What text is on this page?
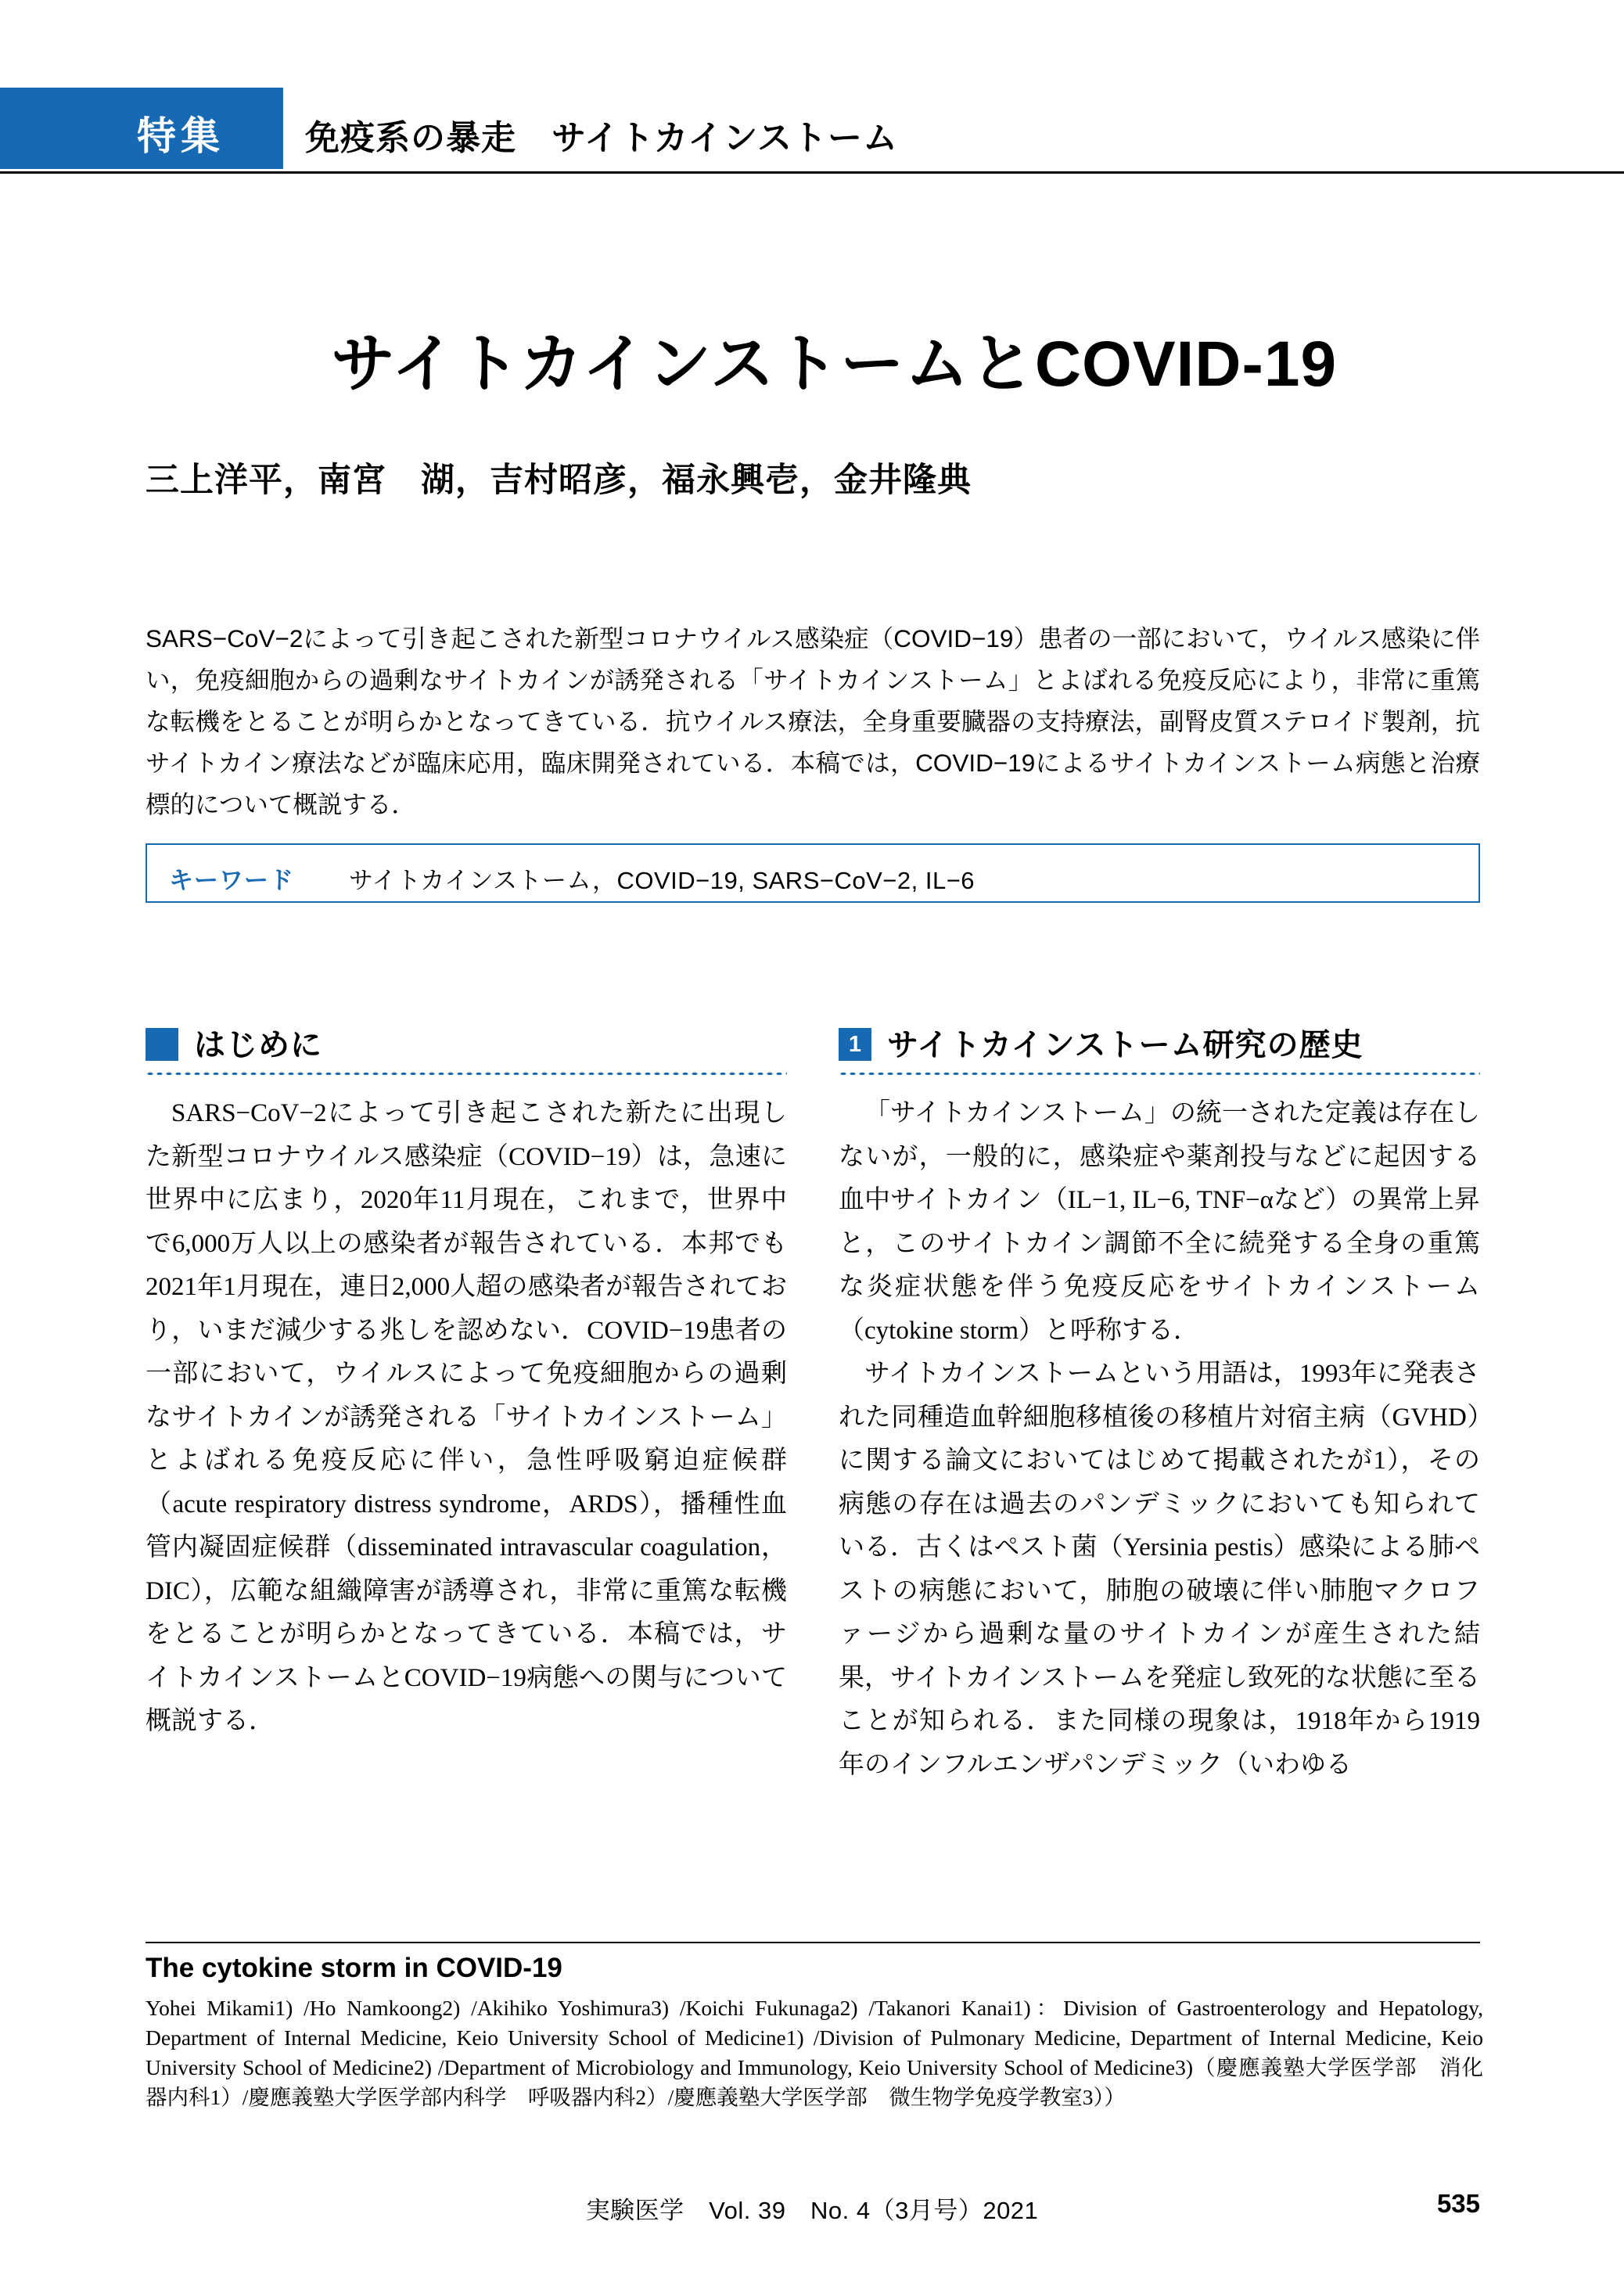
特集 免疫系の暴走　サイトカインストーム
サイトカインストームとCOVID-19
三上洋平，南宮　湖，吉村昭彦，福永興壱，金井隆典
SARS−CoV−2によって引き起こされた新型コロナウイルス感染症（COVID−19）患者の一部において，ウイルス感染に伴い，免疫細胞からの過剰なサイトカインが誘発される「サイトカインストーム」とよばれる免疫反応により，非常に重篤な転機をとることが明らかとなってきている．抗ウイルス療法，全身重要臓器の支持療法，副腎皮質ステロイド製剤，抗サイトカイン療法などが臨床応用，臨床開発されている．本稿では，COVID−19によるサイトカインストーム病態と治療標的について概説する．
キーワード サイトカインストーム，COVID−19, SARS−CoV−2, IL−6
はじめに

SARS−CoV−2によって引き起こされた新たに出現した新型コロナウイルス感染症（COVID−19）は，急速に世界中に広まり，2020年11月現在，これまで，世界中で6,000万人以上の感染者が報告されている．本邦でも2021年1月現在，連日2,000人超の感染者が報告されており，いまだ減少する兆しを認めない．COVID−19患者の一部において，ウイルスによって免疫細胞からの過剰なサイトカインが誘発される「サイトカインストーム」とよばれる免疫反応に伴い，急性呼吸窮迫症候群（acute respiratory distress syndrome，ARDS），播種性血管内凝固症候群（disseminated intravascular coagulation，DIC），広範な組織障害が誘導され，非常に重篤な転機をとることが明らかとなってきている．本稿では，サイトカインストームとCOVID−19病態への関与について概説する．

1 サイトカインストーム研究の歴史

「サイトカインストーム」の統一された定義は存在しないが，一般的に，感染症や薬剤投与などに起因する血中サイトカイン（IL−1, IL−6, TNF−αなど）の異常上昇と，このサイトカイン調節不全に続発する全身の重篤な炎症状態を伴う免疫反応をサイトカインストーム（cytokine storm）と呼称する．

サイトカインストームという用語は，1993年に発表された同種造血幹細胞移植後の移植片対宿主病（GVHD）に関する論文においてはじめて掲載されたが1），その病態の存在は過去のパンデミックにおいても知られている．古くはペスト菌（Yersinia pestis）感染による肺ペストの病態において，肺胞の破壊に伴い肺胞マクロファージから過剰な量のサイトカインが産生された結果，サイトカインストームを発症し致死的な状態に至ることが知られる．また同様の現象は，1918年から1919年のインフルエンザパンデミック（いわゆる

The cytokine storm in COVID-19
Yohei Mikami1) /Ho Namkoong2) /Akihiko Yoshimura3) /Koichi Fukunaga2) /Takanori Kanai1)：Division of Gastroenterology and Hepatology, Department of Internal Medicine, Keio University School of Medicine1) /Division of Pulmonary Medicine, Department of Internal Medicine, Keio University School of Medicine2) /Department of Microbiology and Immunology, Keio University School of Medicine3)（慶應義塾大学医学部　消化器内科1）/慶應義塾大学医学部内科学　呼吸器内科2）/慶應義塾大学医学部　微生物学免疫学教室3））
実験医学　Vol. 39　No. 4（3月号）2021	535
